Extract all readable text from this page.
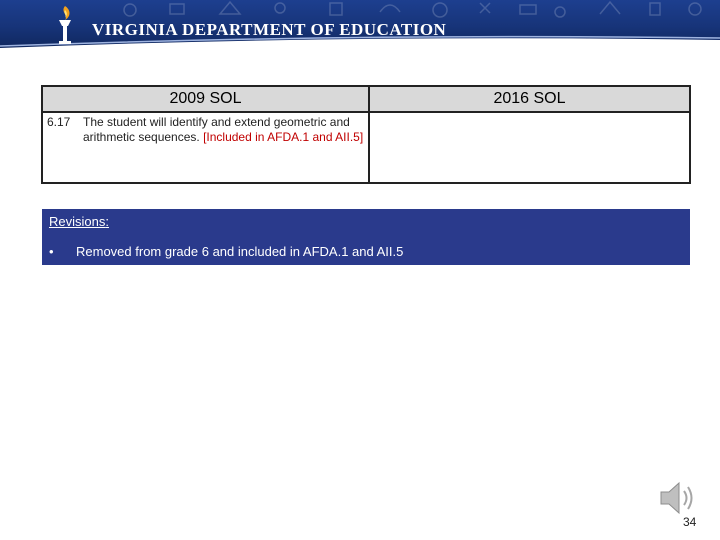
VIRGINIA DEPARTMENT OF EDUCATION
2009 SOL	2016 SOL

6.17 The student will identify and extend geometric and arithmetic sequences. [Included in AFDA.1 and AII.5]	

Revisions:
•	Removed from grade 6 and included in AFDA.1 and AII.5
34
